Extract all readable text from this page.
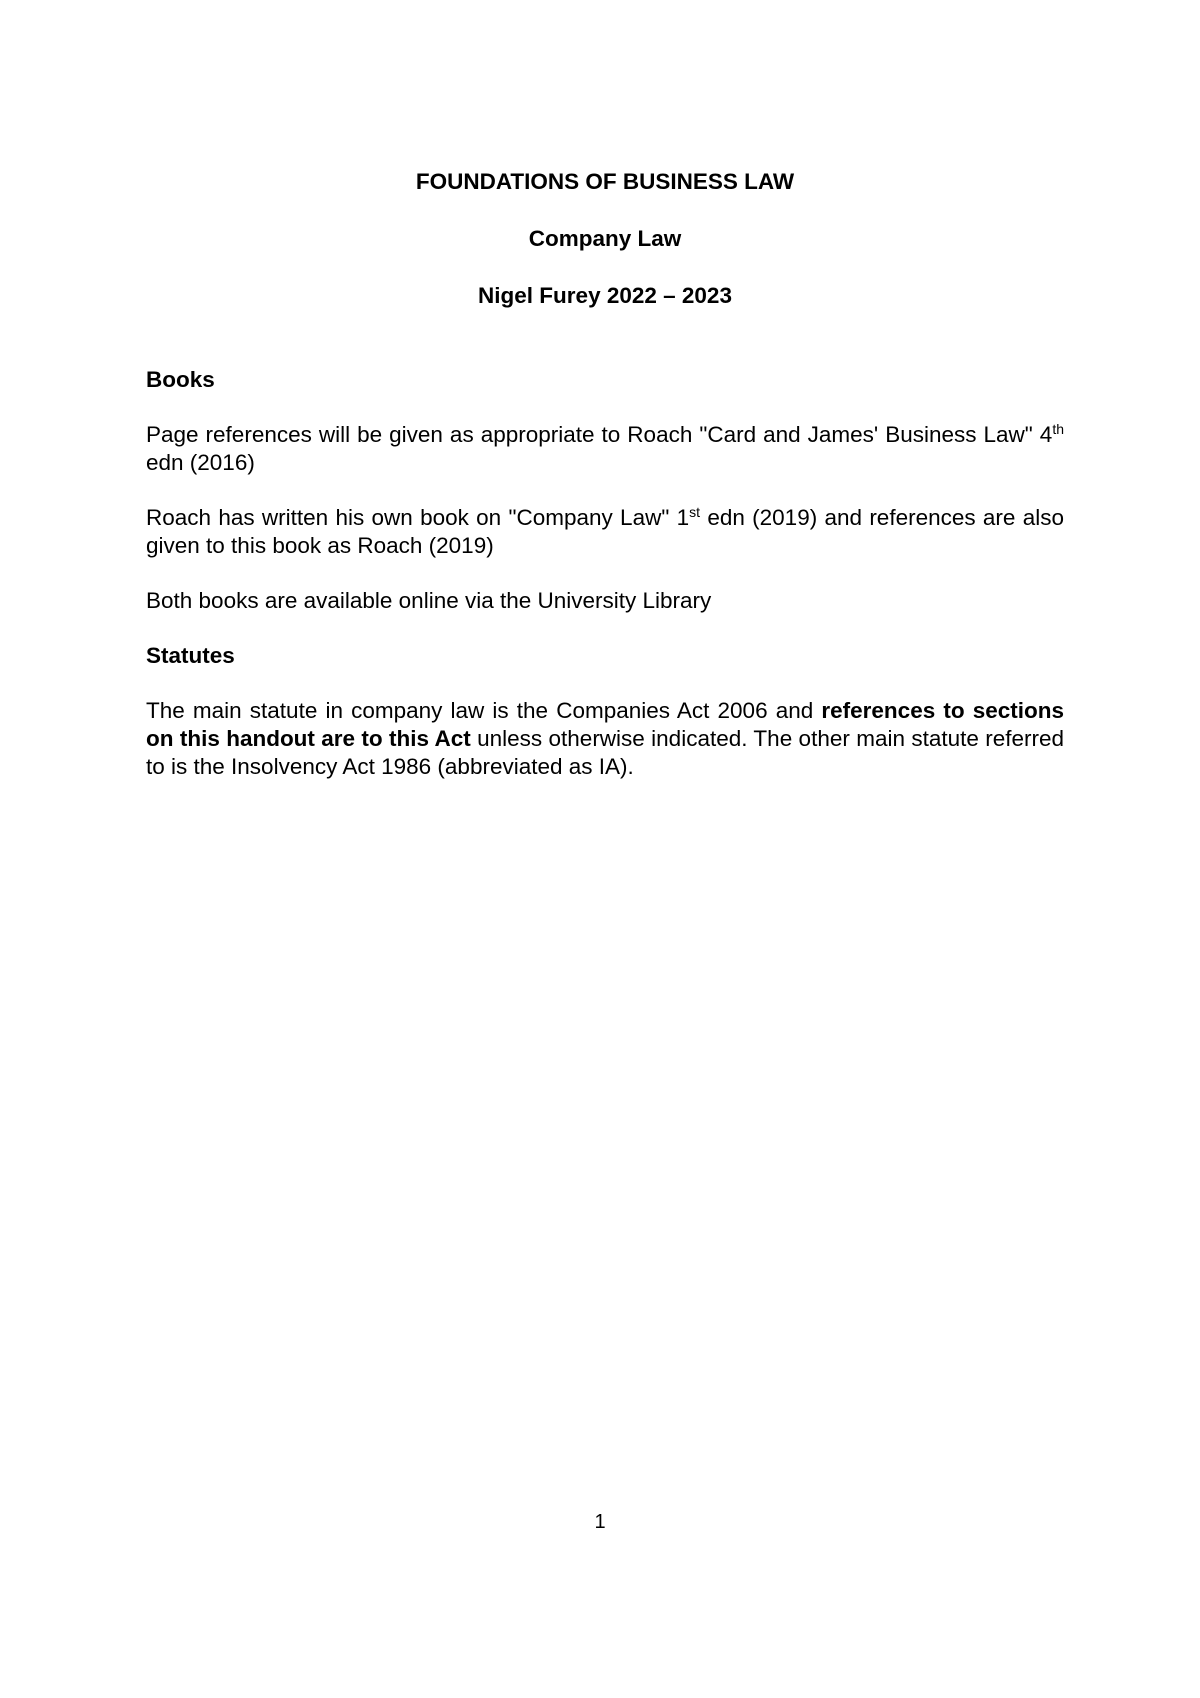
FOUNDATIONS OF BUSINESS LAW
Company Law
Nigel Furey 2022 – 2023
Books

Page references will be given as appropriate to Roach "Card and James' Business Law" 4th edn (2016)

Roach has written his own book on "Company Law" 1st edn (2019) and references are also given to this book as Roach (2019)

Both books are available online via the University Library

Statutes

The main statute in company law is the Companies Act 2006 and references to sections on this handout are to this Act unless otherwise indicated. The other main statute referred to is the Insolvency Act 1986 (abbreviated as IA).

1
